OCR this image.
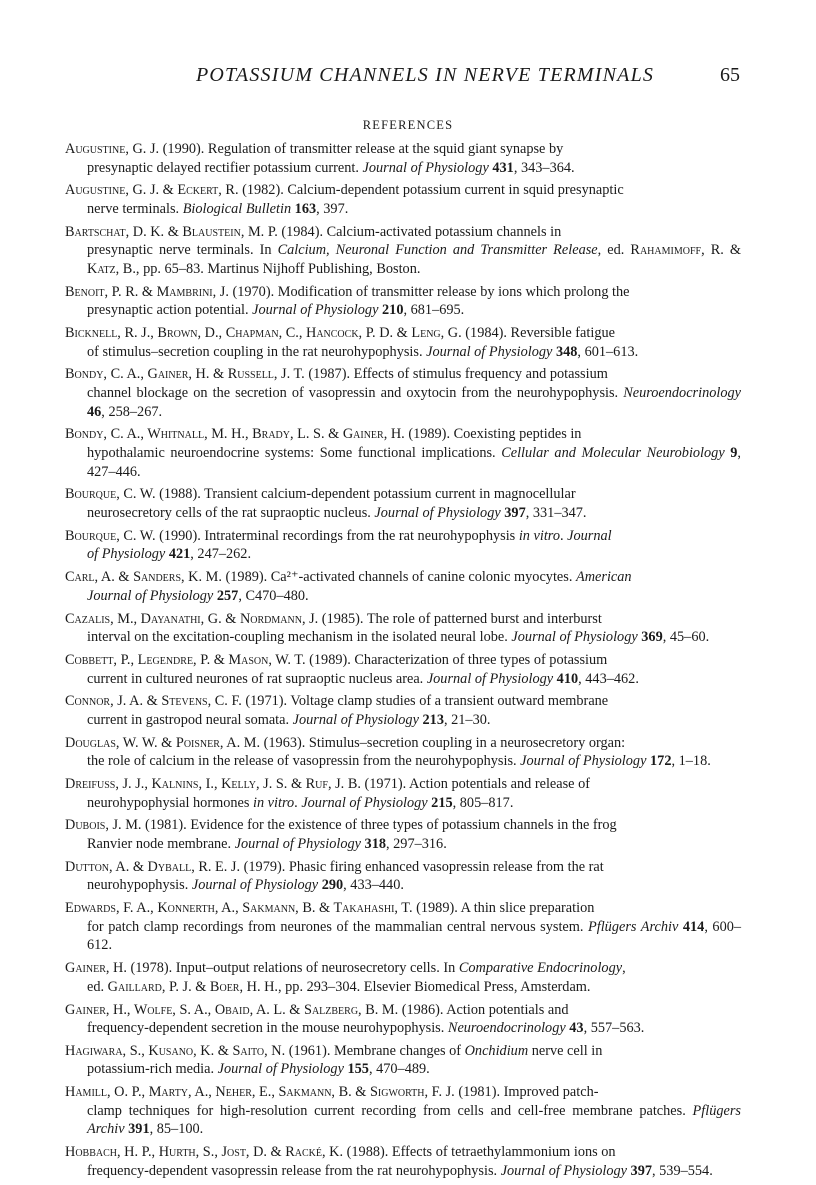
POTASSIUM CHANNELS IN NERVE TERMINALS	65
REFERENCES

Augustine, G. J. (1990). Regulation of transmitter release at the squid giant synapse by
presynaptic delayed rectifier potassium current. Journal of Physiology 431, 343–364.

Augustine, G. J. & Eckert, R. (1982). Calcium-dependent potassium current in squid presynaptic
nerve terminals. Biological Bulletin 163, 397.

Bartschat, D. K. & Blaustein, M. P. (1984). Calcium-activated potassium channels in
presynaptic nerve terminals. In Calcium, Neuronal Function and Transmitter Release, ed. Rahamimoff, R. & Katz, B., pp. 65–83. Martinus Nijhoff Publishing, Boston.

Benoit, P. R. & Mambrini, J. (1970). Modification of transmitter release by ions which prolong the
presynaptic action potential. Journal of Physiology 210, 681–695.

Bicknell, R. J., Brown, D., Chapman, C., Hancock, P. D. & Leng, G. (1984). Reversible fatigue
of stimulus–secretion coupling in the rat neurohypophysis. Journal of Physiology 348, 601–613.

Bondy, C. A., Gainer, H. & Russell, J. T. (1987). Effects of stimulus frequency and potassium
channel blockage on the secretion of vasopressin and oxytocin from the neurohypophysis. Neuroendocrinology 46, 258–267.

Bondy, C. A., Whitnall, M. H., Brady, L. S. & Gainer, H. (1989). Coexisting peptides in
hypothalamic neuroendocrine systems: Some functional implications. Cellular and Molecular Neurobiology 9, 427–446.

Bourque, C. W. (1988). Transient calcium-dependent potassium current in magnocellular
neurosecretory cells of the rat supraoptic nucleus. Journal of Physiology 397, 331–347.

Bourque, C. W. (1990). Intraterminal recordings from the rat neurohypophysis in vitro. Journal
of Physiology 421, 247–262.

Carl, A. & Sanders, K. M. (1989). Ca²⁺-activated channels of canine colonic myocytes. American
Journal of Physiology 257, C470–480.

Cazalis, M., Dayanathi, G. & Nordmann, J. (1985). The role of patterned burst and interburst
interval on the excitation-coupling mechanism in the isolated neural lobe. Journal of Physiology 369, 45–60.

Cobbett, P., Legendre, P. & Mason, W. T. (1989). Characterization of three types of potassium
current in cultured neurones of rat supraoptic nucleus area. Journal of Physiology 410, 443–462.

Connor, J. A. & Stevens, C. F. (1971). Voltage clamp studies of a transient outward membrane
current in gastropod neural somata. Journal of Physiology 213, 21–30.

Douglas, W. W. & Poisner, A. M. (1963). Stimulus–secretion coupling in a neurosecretory organ:
the role of calcium in the release of vasopressin from the neurohypophysis. Journal of Physiology 172, 1–18.

Dreifuss, J. J., Kalnins, I., Kelly, J. S. & Ruf, J. B. (1971). Action potentials and release of
neurohypophysial hormones in vitro. Journal of Physiology 215, 805–817.

Dubois, J. M. (1981). Evidence for the existence of three types of potassium channels in the frog
Ranvier node membrane. Journal of Physiology 318, 297–316.

Dutton, A. & Dyball, R. E. J. (1979). Phasic firing enhanced vasopressin release from the rat
neurohypophysis. Journal of Physiology 290, 433–440.

Edwards, F. A., Konnerth, A., Sakmann, B. & Takahashi, T. (1989). A thin slice preparation
for patch clamp recordings from neurones of the mammalian central nervous system. Pflügers Archiv 414, 600–612.

Gainer, H. (1978). Input–output relations of neurosecretory cells. In Comparative Endocrinology,
ed. Gaillard, P. J. & Boer, H. H., pp. 293–304. Elsevier Biomedical Press, Amsterdam.

Gainer, H., Wolfe, S. A., Obaid, A. L. & Salzberg, B. M. (1986). Action potentials and
frequency-dependent secretion in the mouse neurohypophysis. Neuroendocrinology 43, 557–563.

Hagiwara, S., Kusano, K. & Saito, N. (1961). Membrane changes of Onchidium nerve cell in
potassium-rich media. Journal of Physiology 155, 470–489.

Hamill, O. P., Marty, A., Neher, E., Sakmann, B. & Sigworth, F. J. (1981). Improved patch-
clamp techniques for high-resolution current recording from cells and cell-free membrane patches. Pflügers Archiv 391, 85–100.

Hobbach, H. P., Hurth, S., Jost, D. & Racké, K. (1988). Effects of tetraethylammonium ions on
frequency-dependent vasopressin release from the rat neurohypophysis. Journal of Physiology 397, 539–554.
